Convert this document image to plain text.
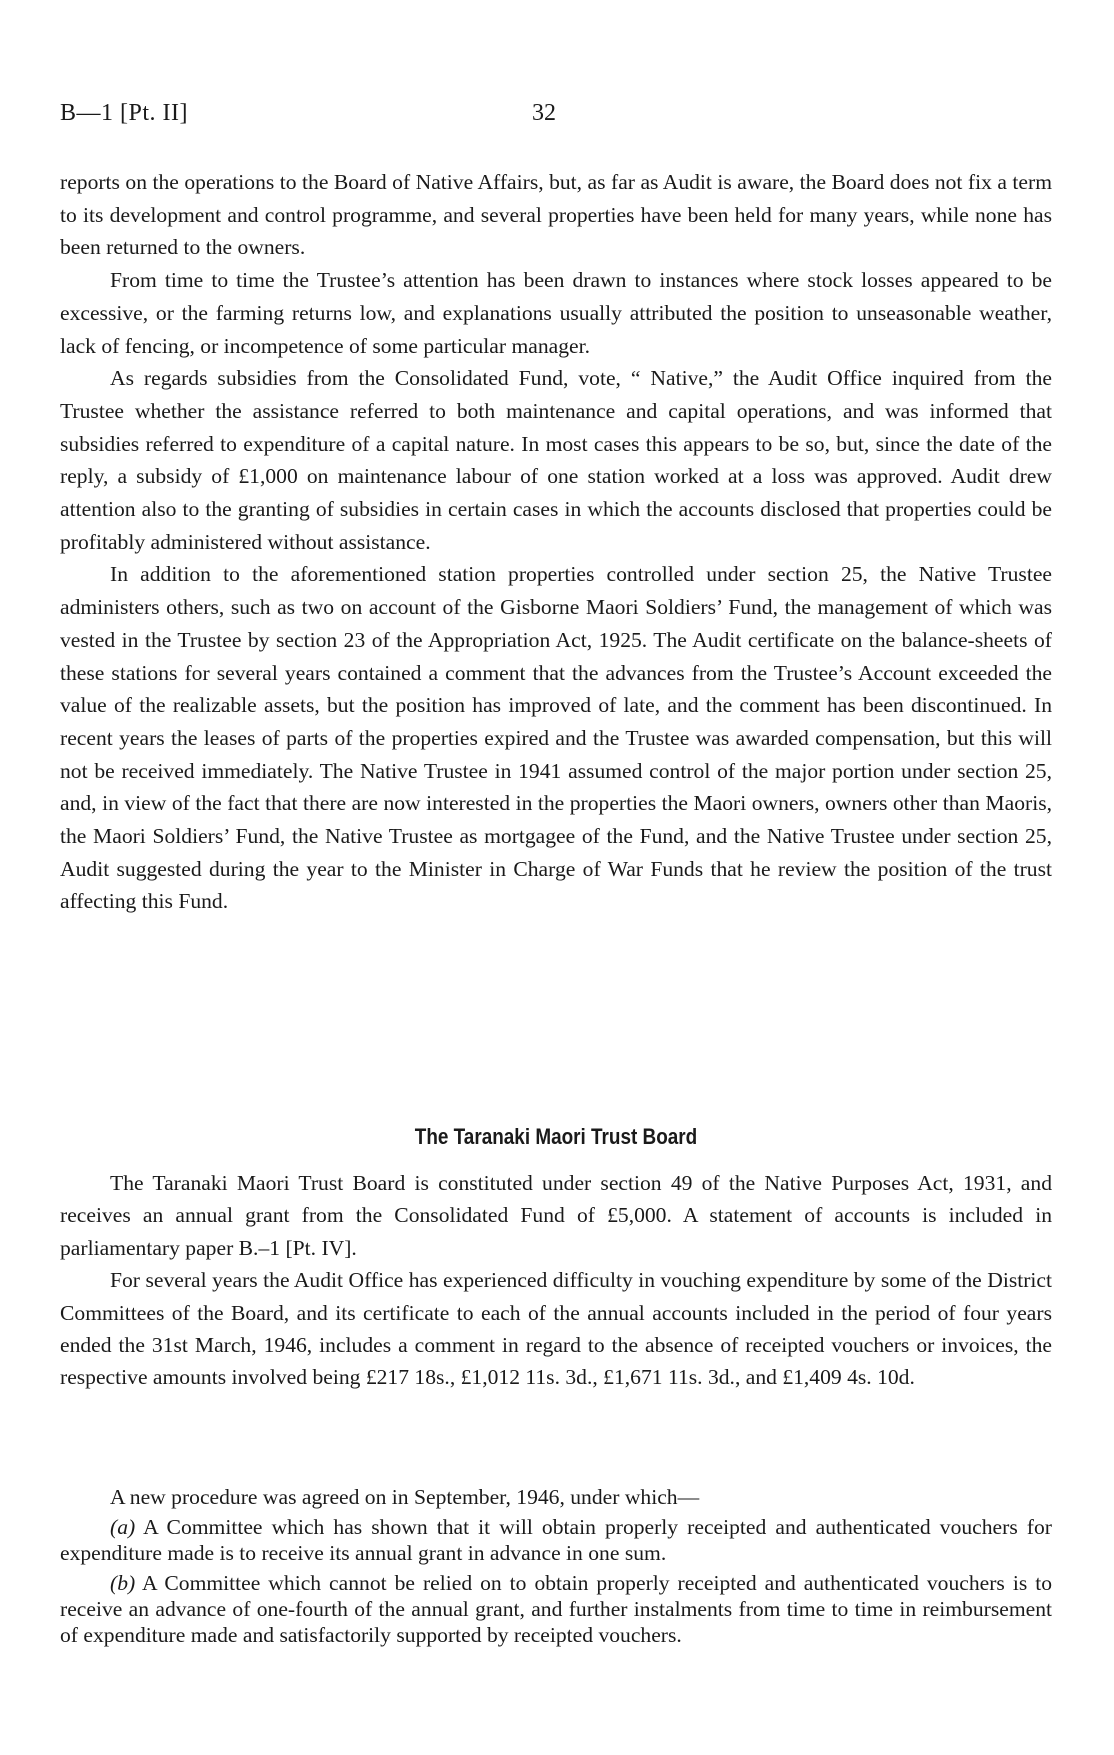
B—1 [Pt. II]	32

reports on the operations to the Board of Native Affairs, but, as far as Audit is aware, the Board does not fix a term to its development and control programme, and several properties have been held for many years, while none has been returned to the owners.

From time to time the Trustee’s attention has been drawn to instances where stock losses appeared to be excessive, or the farming returns low, and explanations usually attributed the position to unseasonable weather, lack of fencing, or incompetence of some particular manager.

As regards subsidies from the Consolidated Fund, vote, “ Native,” the Audit Office inquired from the Trustee whether the assistance referred to both maintenance and capital operations, and was informed that subsidies referred to expenditure of a capital nature. In most cases this appears to be so, but, since the date of the reply, a subsidy of £1,000 on maintenance labour of one station worked at a loss was approved. Audit drew attention also to the granting of subsidies in certain cases in which the accounts disclosed that properties could be profitably administered without assistance.

In addition to the aforementioned station properties controlled under section 25, the Native Trustee administers others, such as two on account of the Gisborne Maori Soldiers’ Fund, the management of which was vested in the Trustee by section 23 of the Appropriation Act, 1925. The Audit certificate on the balance-sheets of these stations for several years contained a comment that the advances from the Trustee’s Account exceeded the value of the realizable assets, but the position has improved of late, and the comment has been discontinued. In recent years the leases of parts of the properties expired and the Trustee was awarded compensation, but this will not be received immediately. The Native Trustee in 1941 assumed control of the major portion under section 25, and, in view of the fact that there are now interested in the properties the Maori owners, owners other than Maoris, the Maori Soldiers’ Fund, the Native Trustee as mortgagee of the Fund, and the Native Trustee under section 25, Audit suggested during the year to the Minister in Charge of War Funds that he review the position of the trust affecting this Fund.

The Taranaki Maori Trust Board

The Taranaki Maori Trust Board is constituted under section 49 of the Native Purposes Act, 1931, and receives an annual grant from the Consolidated Fund of £5,000. A statement of accounts is included in parliamentary paper B.–1 [Pt. IV].

For several years the Audit Office has experienced difficulty in vouching expenditure by some of the District Committees of the Board, and its certificate to each of the annual accounts included in the period of four years ended the 31st March, 1946, includes a comment in regard to the absence of receipted vouchers or invoices, the respective amounts involved being £217 18s., £1,012 11s. 3d., £1,671 11s. 3d., and £1,409 4s. 10d.

A new procedure was agreed on in September, 1946, under which—

(a) A Committee which has shown that it will obtain properly receipted and authenticated vouchers for expenditure made is to receive its annual grant in advance in one sum.

(b) A Committee which cannot be relied on to obtain properly receipted and authenticated vouchers is to receive an advance of one-fourth of the annual grant, and further instalments from time to time in reimbursement of expenditure made and satisfactorily supported by receipted vouchers.
